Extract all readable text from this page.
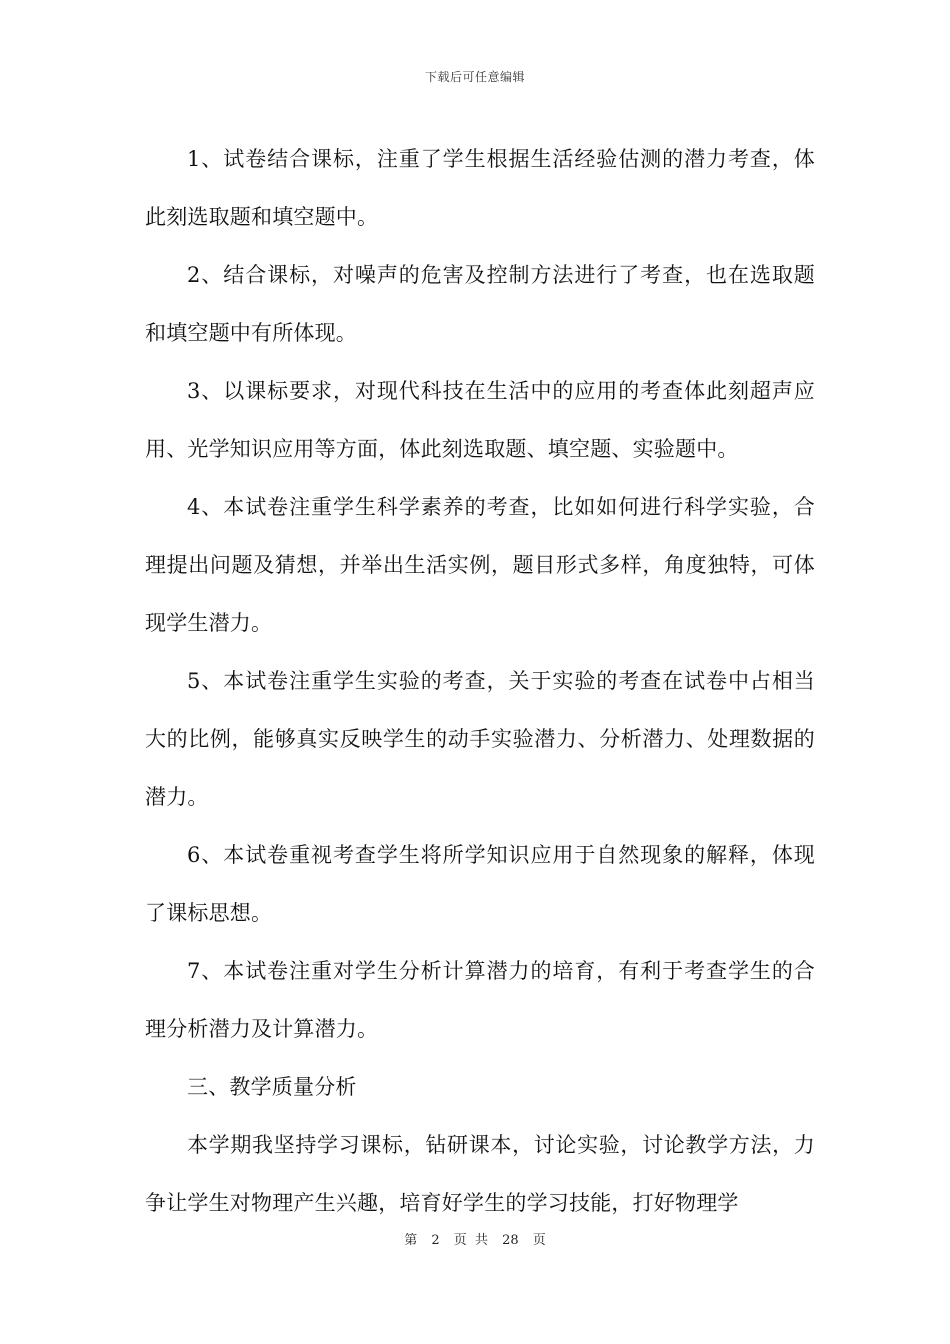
下载后可任意编辑

1、试卷结合课标，注重了学生根据生活经验估测的潜力考查，体此刻选取题和填空题中。

2、结合课标，对噪声的危害及控制方法进行了考查，也在选取题和填空题中有所体现。

3、以课标要求，对现代科技在生活中的应用的考查体此刻超声应用、光学知识应用等方面，体此刻选取题、填空题、实验题中。

4、本试卷注重学生科学素养的考查，比如如何进行科学实验，合理提出问题及猜想，并举出生活实例，题目形式多样，角度独特，可体现学生潜力。

5、本试卷注重学生实验的考查，关于实验的考查在试卷中占相当大的比例，能够真实反映学生的动手实验潜力、分析潜力、处理数据的潜力。

6、本试卷重视考查学生将所学知识应用于自然现象的解释，体现了课标思想。

7、本试卷注重对学生分析计算潜力的培育，有利于考查学生的合理分析潜力及计算潜力。

三、教学质量分析

本学期我坚持学习课标，钻研课本，讨论实验，讨论教学方法，力争让学生对物理产生兴趣，培育好学生的学习技能，打好物理学

第 2 页 共 28 页
